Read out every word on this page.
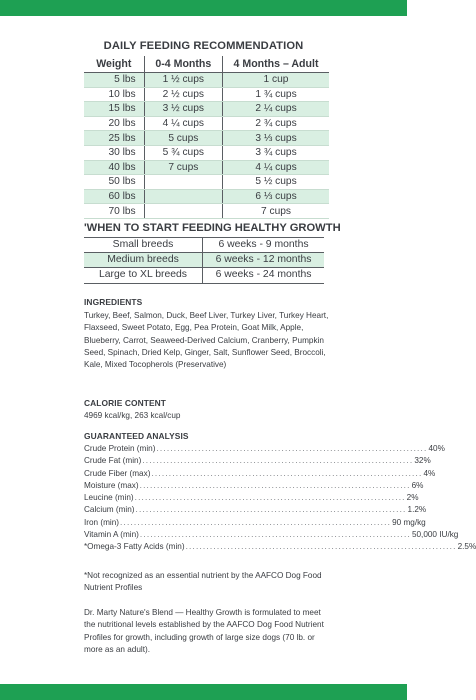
DAILY FEEDING RECOMMENDATION
Weight	0-4 Months	4 Months – Adult
5 lbs	1 ½ cups	1 cup
10 lbs	2 ½ cups	1 ¾ cups
15 lbs	3 ½ cups	2 ¼ cups
20 lbs	4 ¼ cups	2 ¾ cups
25 lbs	5 cups	3 ⅓ cups
30 lbs	5 ¾ cups	3 ¾ cups
40 lbs	7 cups	4 ¼ cups
50 lbs		5 ½ cups
60 lbs		6 ⅓ cups
70 lbs		7 cups
'WHEN TO START FEEDING HEALTHY GROWTH
Small breeds	6 weeks - 9 months
Medium breeds	6 weeks - 12 months
Large to XL breeds	6 weeks - 24 months
INGREDIENTS
Turkey, Beef, Salmon, Duck, Beef Liver, Turkey Liver, Turkey Heart, Flaxseed, Sweet Potato, Egg, Pea Protein, Goat Milk, Apple, Blueberry, Carrot, Seaweed-Derived Calcium, Cranberry, Pumpkin Seed, Spinach, Dried Kelp, Ginger, Salt, Sunflower Seed, Broccoli, Kale, Mixed Tocopherols (Preservative)
CALORIE CONTENT
4969 kcal/kg, 263 kcal/cup
GUARANTEED ANALYSIS
Crude Protein (min) .............................................................................. 40%
Crude Fat (min) .............................................................................. 32%
Crude Fiber (max) .............................................................................. 4%
Moisture (max) .............................................................................. 6%
Leucine (min) .............................................................................. 2%
Calcium (min) .............................................................................. 1.2%
Iron (min) .............................................................................. 90 mg/kg
Vitamin A (min) .............................................................................. 50,000 IU/kg
*Omega-3 Fatty Acids (min) .............................................................................. 2.5%
*Not recognized as an essential nutrient by the AAFCO Dog Food Nutrient Profiles
Dr. Marty Nature's Blend — Healthy Growth is formulated to meet the nutritional levels established by the AAFCO Dog Food Nutrient Profiles for growth, including growth of large size dogs (70 lb. or more as an adult).
